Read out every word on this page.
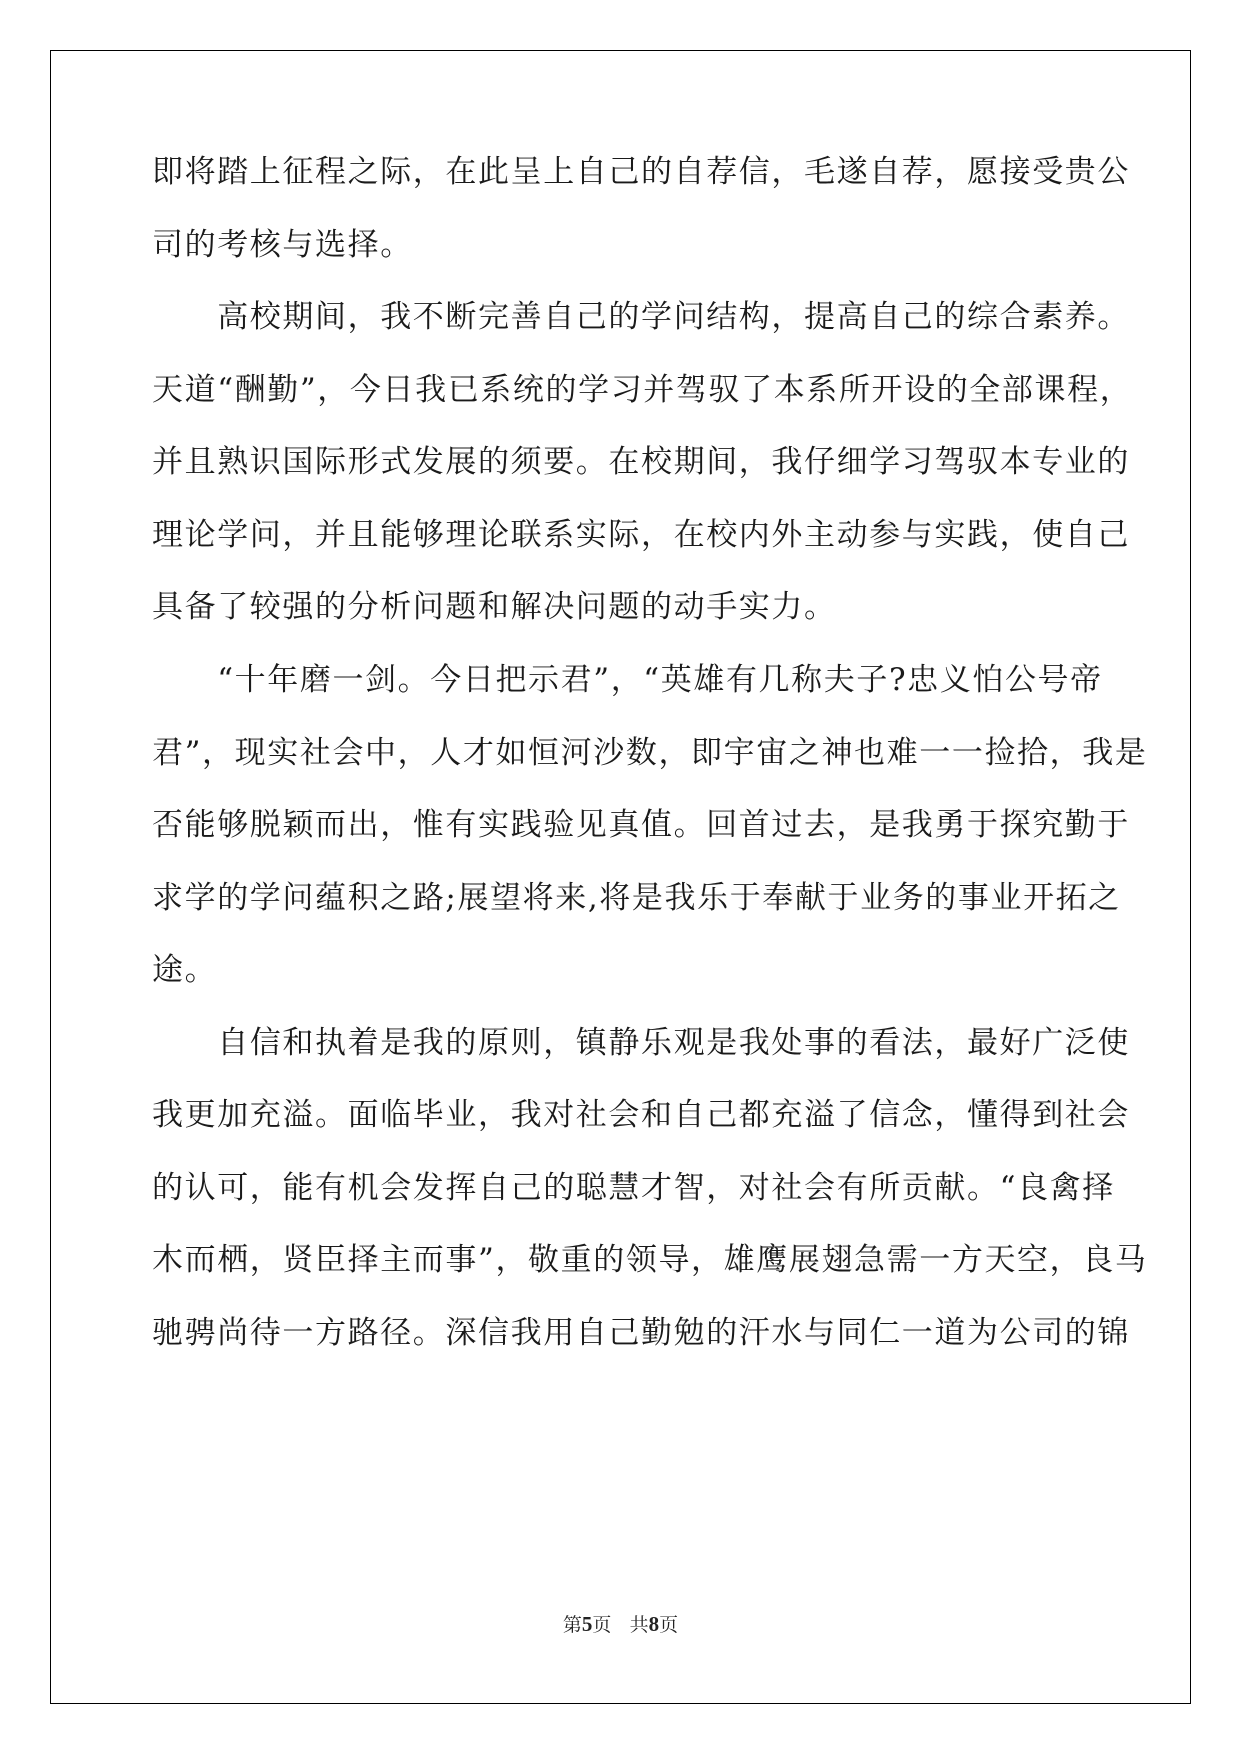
即将踏上征程之际，在此呈上自己的自荐信，毛遂自荐，愿接受贵公

司的考核与选择。

　　高校期间，我不断完善自己的学问结构，提高自己的综合素养。

天道“酬勤”，今日我已系统的学习并驾驭了本系所开设的全部课程，

并且熟识国际形式发展的须要。在校期间，我仔细学习驾驭本专业的

理论学问，并且能够理论联系实际，在校内外主动参与实践，使自己

具备了较强的分析问题和解决问题的动手实力。

　　“十年磨一剑。今日把示君”，“英雄有几称夫子?忠义怕公号帝

君”，现实社会中，人才如恒河沙数，即宇宙之神也难一一捡拾，我是

否能够脱颖而出，惟有实践验见真值。回首过去，是我勇于探究勤于

求学的学问蕴积之路;展望将来,将是我乐于奉献于业务的事业开拓之

途。

　　自信和执着是我的原则，镇静乐观是我处事的看法，最好广泛使

我更加充溢。面临毕业，我对社会和自己都充溢了信念，懂得到社会

的认可，能有机会发挥自己的聪慧才智，对社会有所贡献。“良禽择

木而栖，贤臣择主而事”，敬重的领导，雄鹰展翅急需一方天空，良马

驰骋尚待一方路径。深信我用自己勤勉的汗水与同仁一道为公司的锦

第5页 共8页
